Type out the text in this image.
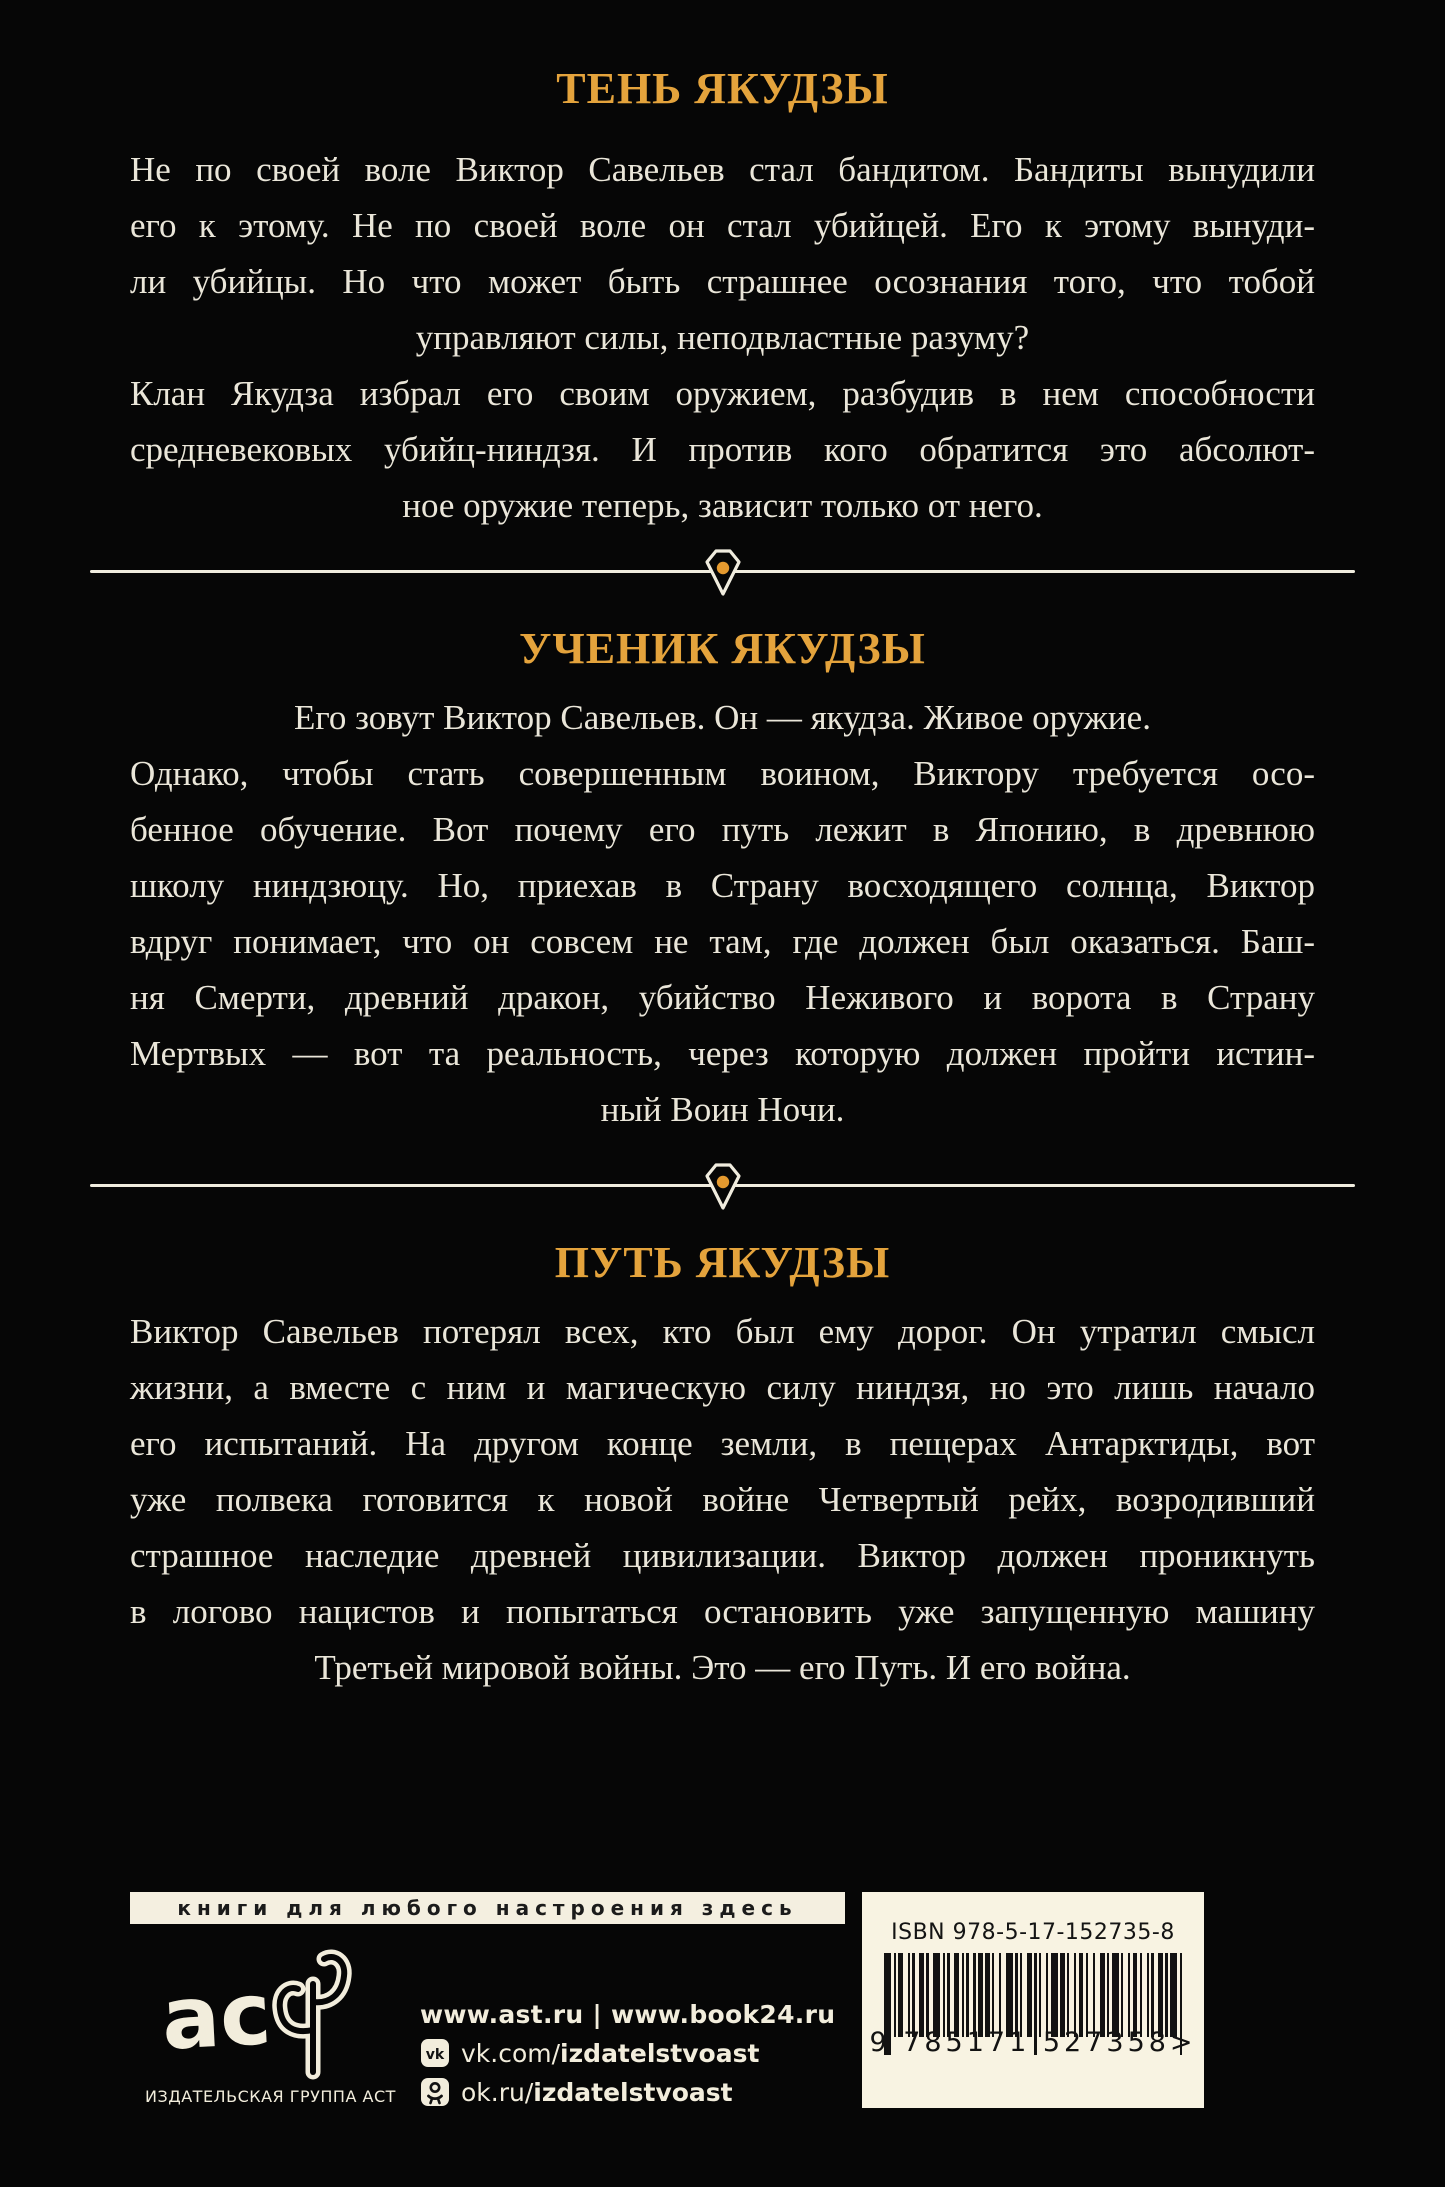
ТЕНЬ ЯКУДЗЫ
Не по своей воле Виктор Савельев стал бандитом. Бандиты вынудили
его к этому. Не по своей воле он стал убийцей. Его к этому вынуди-
ли убийцы. Но что может быть страшнее осознания того, что тобой
управляют силы, неподвластные разуму?
Клан Якудза избрал его своим оружием, разбудив в нем способности
средневековых убийц-ниндзя. И против кого обратится это абсолют-
ное оружие теперь, зависит только от него.
УЧЕНИК ЯКУДЗЫ
Его зовут Виктор Савельев. Он — якудза. Живое оружие.
Однако, чтобы стать совершенным воином, Виктору требуется осо-
бенное обучение. Вот почему его путь лежит в Японию, в древнюю
школу ниндзюцу. Но, приехав в Страну восходящего солнца, Виктор
вдруг понимает, что он совсем не там, где должен был оказаться. Баш-
ня Смерти, древний дракон, убийство Неживого и ворота в Страну
Мертвых — вот та реальность, через которую должен пройти истин-
ный Воин Ночи.
ПУТЬ ЯКУДЗЫ
Виктор Савельев потерял всех, кто был ему дорог. Он утратил смысл
жизни, а вместе с ним и магическую силу ниндзя, но это лишь начало
его испытаний. На другом конце земли, в пещерах Антарктиды, вот
уже полвека готовится к новой войне Четвертый рейх, возродивший
страшное наследие древней цивилизации. Виктор должен проникнуть
в логово нацистов и попытаться остановить уже запущенную машину
Третьей мировой войны. Это — его Путь. И его война.
книги для любого настроения здесь
ас
ИЗДАТЕЛЬСКАЯ ГРУППА АСТ
www.ast.ru | www.book24.ru
vk vk.com/ izdatelstvoast
ok.ru/ izdatelstvoast
ISBN 978-5-17-152735-8
9 785171 527358>
